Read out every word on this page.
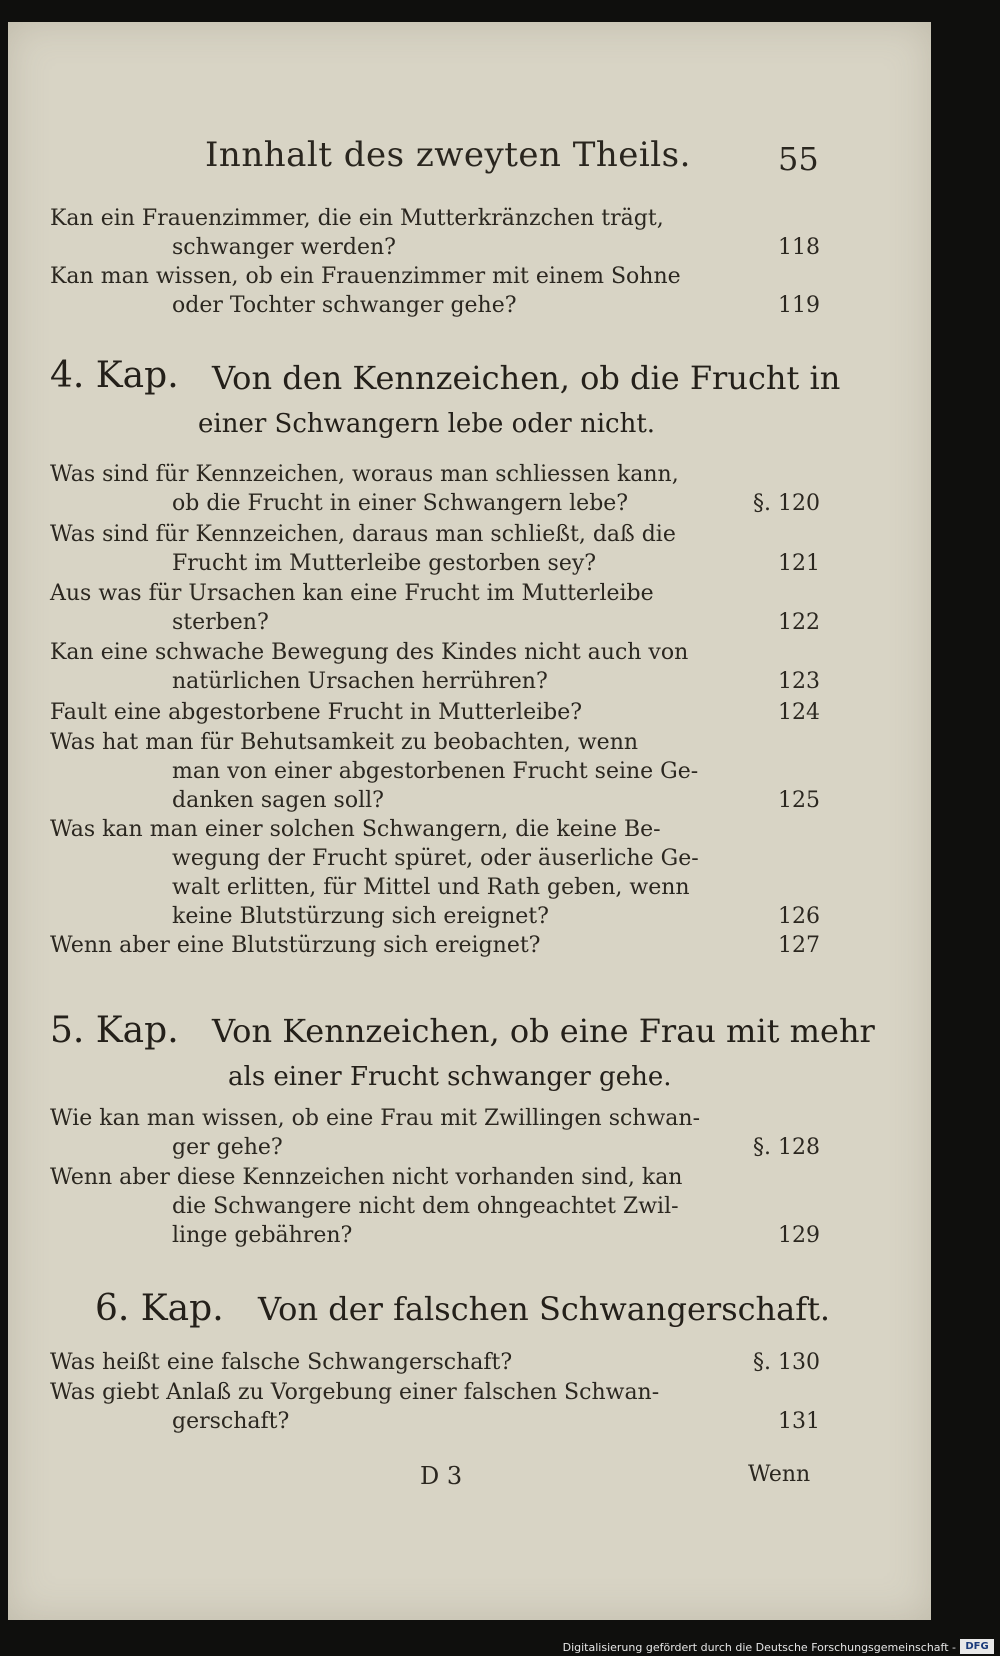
Innhalt des zweyten Theils.	55
Kan ein Frauenzimmer, die ein Mutterkränzchen trägt,
schwanger werden?	118
Kan man wissen, ob ein Frauenzimmer mit einem Sohne
oder Tochter schwanger gehe?	119
4. Kap. Von den Kennzeichen, ob die Frucht in
einer Schwangern lebe oder nicht.
Was sind für Kennzeichen, woraus man schliessen kann,
ob die Frucht in einer Schwangern lebe?	§. 120
Was sind für Kennzeichen, daraus man schließt, daß die
Frucht im Mutterleibe gestorben sey?	121
Aus was für Ursachen kan eine Frucht im Mutterleibe
sterben?	122
Kan eine schwache Bewegung des Kindes nicht auch von
natürlichen Ursachen herrühren?	123
Fault eine abgestorbene Frucht in Mutterleibe?	124
Was hat man für Behutsamkeit zu beobachten, wenn
man von einer abgestorbenen Frucht seine Ge-
danken sagen soll?	125
Was kan man einer solchen Schwangern, die keine Be-
wegung der Frucht spüret, oder äuserliche Ge-
walt erlitten, für Mittel und Rath geben, wenn
keine Blutstürzung sich ereignet?	126
Wenn aber eine Blutstürzung sich ereignet?	127
5. Kap. Von Kennzeichen, ob eine Frau mit mehr
als einer Frucht schwanger gehe.
Wie kan man wissen, ob eine Frau mit Zwillingen schwan-
ger gehe?	§. 128
Wenn aber diese Kennzeichen nicht vorhanden sind, kan
die Schwangere nicht dem ohngeachtet Zwil-
linge gebähren?	129
6. Kap. Von der falschen Schwangerschaft.
Was heißt eine falsche Schwangerschaft?	§. 130
Was giebt Anlaß zu Vorgebung einer falschen Schwan-
gerschaft?	131
D 3	Wenn
Digitalisierung gefördert durch die Deutsche Forschungsgemeinschaft - DFG
